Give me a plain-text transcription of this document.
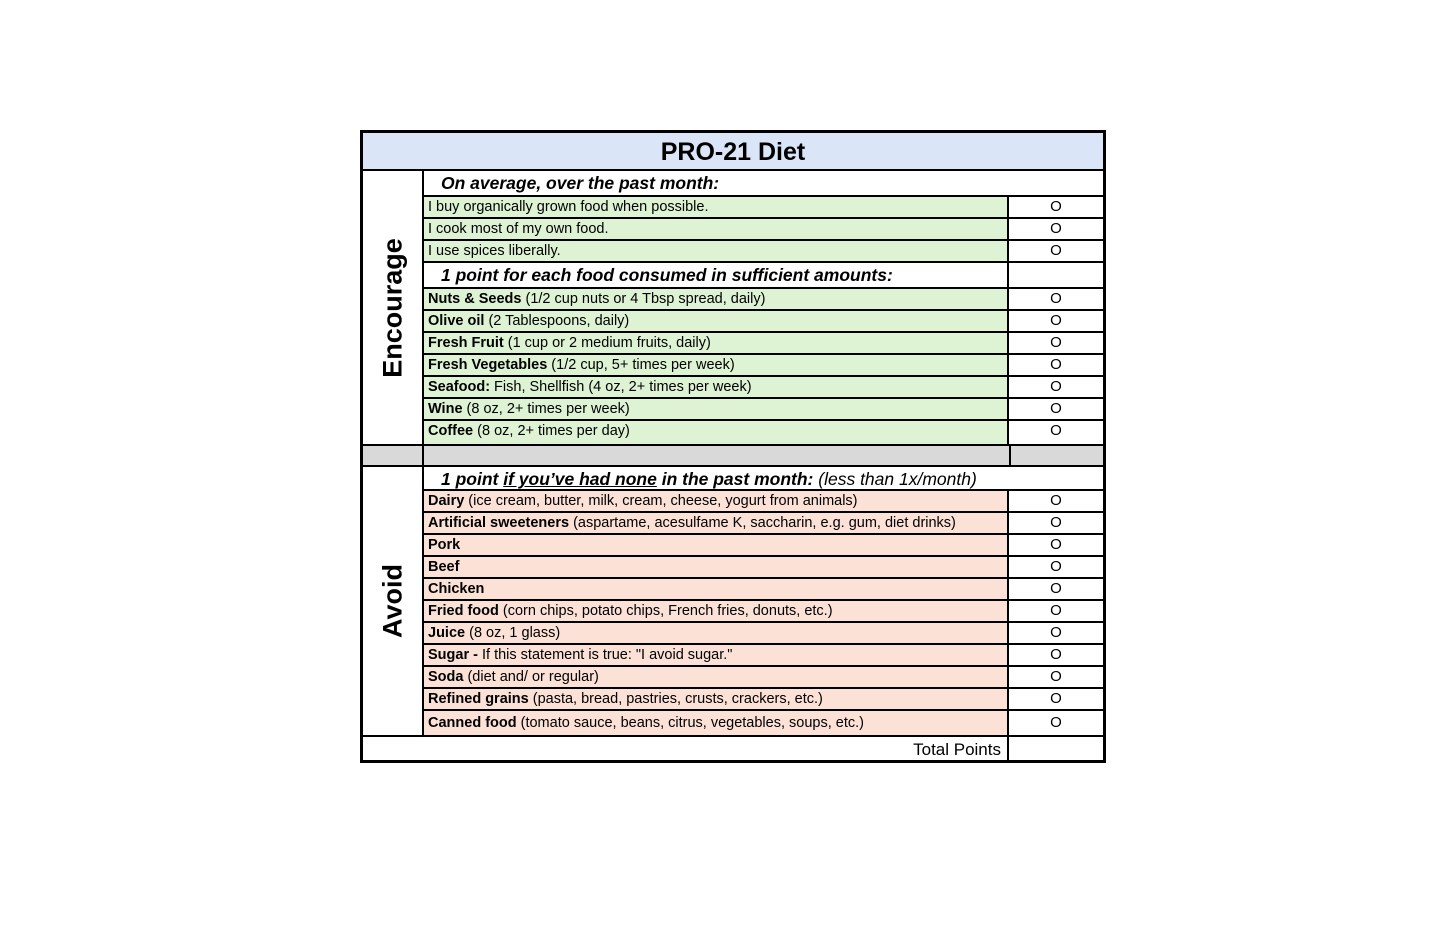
PRO-21 Diet
Encourage
On average, over the past month:
I buy organically grown food when possible.	O
I cook most of my own food.	O
I use spices liberally.	O
1 point for each food consumed in sufficient amounts:
Nuts & Seeds (1/2 cup nuts or 4 Tbsp spread, daily)	O
Olive oil (2 Tablespoons, daily)	O
Fresh Fruit (1 cup or 2 medium fruits, daily)	O
Fresh Vegetables (1/2 cup, 5+ times per week)	O
Seafood: Fish, Shellfish (4 oz, 2+ times per week)	O
Wine (8 oz, 2+ times per week)	O
Coffee (8 oz, 2+ times per day)	O
Avoid
1 point if you’ve had none in the past month: (less than 1x/month)
Dairy (ice cream, butter, milk, cream, cheese, yogurt from animals)	O
Artificial sweeteners (aspartame, acesulfame K, saccharin, e.g. gum, diet drinks)	O
Pork	O
Beef	O
Chicken	O
Fried food (corn chips, potato chips, French fries, donuts, etc.)	O
Juice (8 oz, 1 glass)	O
Sugar - If this statement is true: "I avoid sugar."	O
Soda (diet and/ or regular)	O
Refined grains (pasta, bread, pastries, crusts, crackers, etc.)	O
Canned food (tomato sauce, beans, citrus, vegetables, soups, etc.)	O
Total Points
